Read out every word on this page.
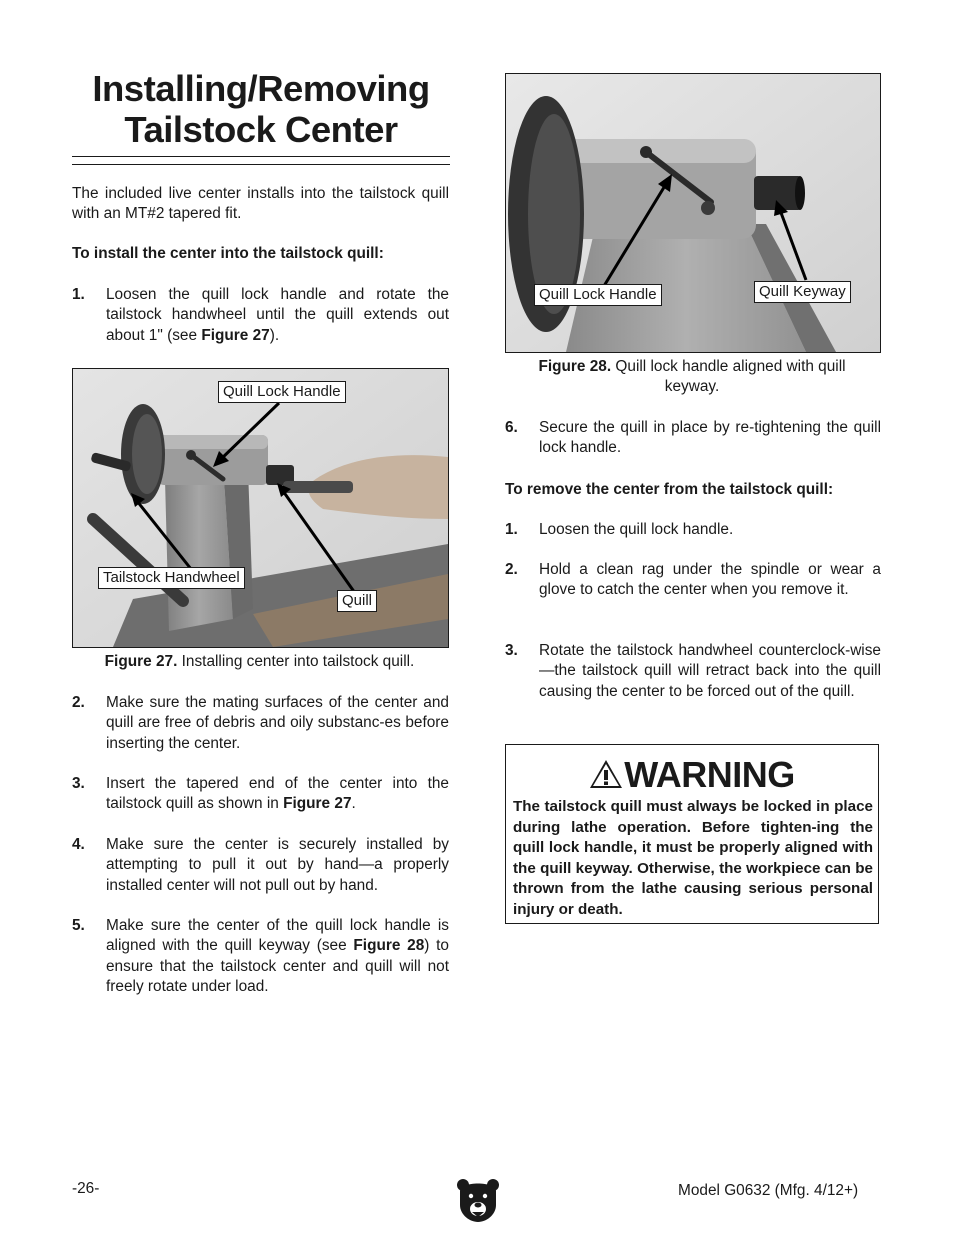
Installing/Removing
Tailstock Center
The included live center installs into the tailstock quill with an MT#2 tapered fit.
To install the center into the tailstock quill:
1.	Loosen the quill lock handle and rotate the tailstock handwheel until the quill extends out about 1" (see Figure 27).
Quill Lock Handle
Tailstock Handwheel
Quill
Figure 27. Installing center into tailstock quill.
2.	Make sure the mating surfaces of the center and quill are free of debris and oily substanc-es before inserting the center.
3.	Insert the tapered end of the center into the tailstock quill as shown in Figure 27.
4.	Make sure the center is securely installed by attempting to pull it out by hand—a properly installed center will not pull out by hand.
5.	Make sure the center of the quill lock handle is aligned with the quill keyway (see Figure 28) to ensure that the tailstock center and quill will not freely rotate under load.
Quill Lock Handle	Quill Keyway
Figure 28. Quill lock handle aligned with quill
keyway.
6.	Secure the quill in place by re-tightening the quill lock handle.
To remove the center from the tailstock quill:
1.	Loosen the quill lock handle.
2.	Hold a clean rag under the spindle or wear a glove to catch the center when you remove it.
3.	Rotate the tailstock handwheel counterclock-wise—the tailstock quill will retract back into the quill causing the center to be forced out of the quill.
WARNING
The tailstock quill must always be locked in place during lathe operation. Before tighten-ing the quill lock handle, it must be properly aligned with the quill keyway. Otherwise, the workpiece can be thrown from the lathe causing serious personal injury or death.
-26-	Model G0632 (Mfg. 4/12+)
